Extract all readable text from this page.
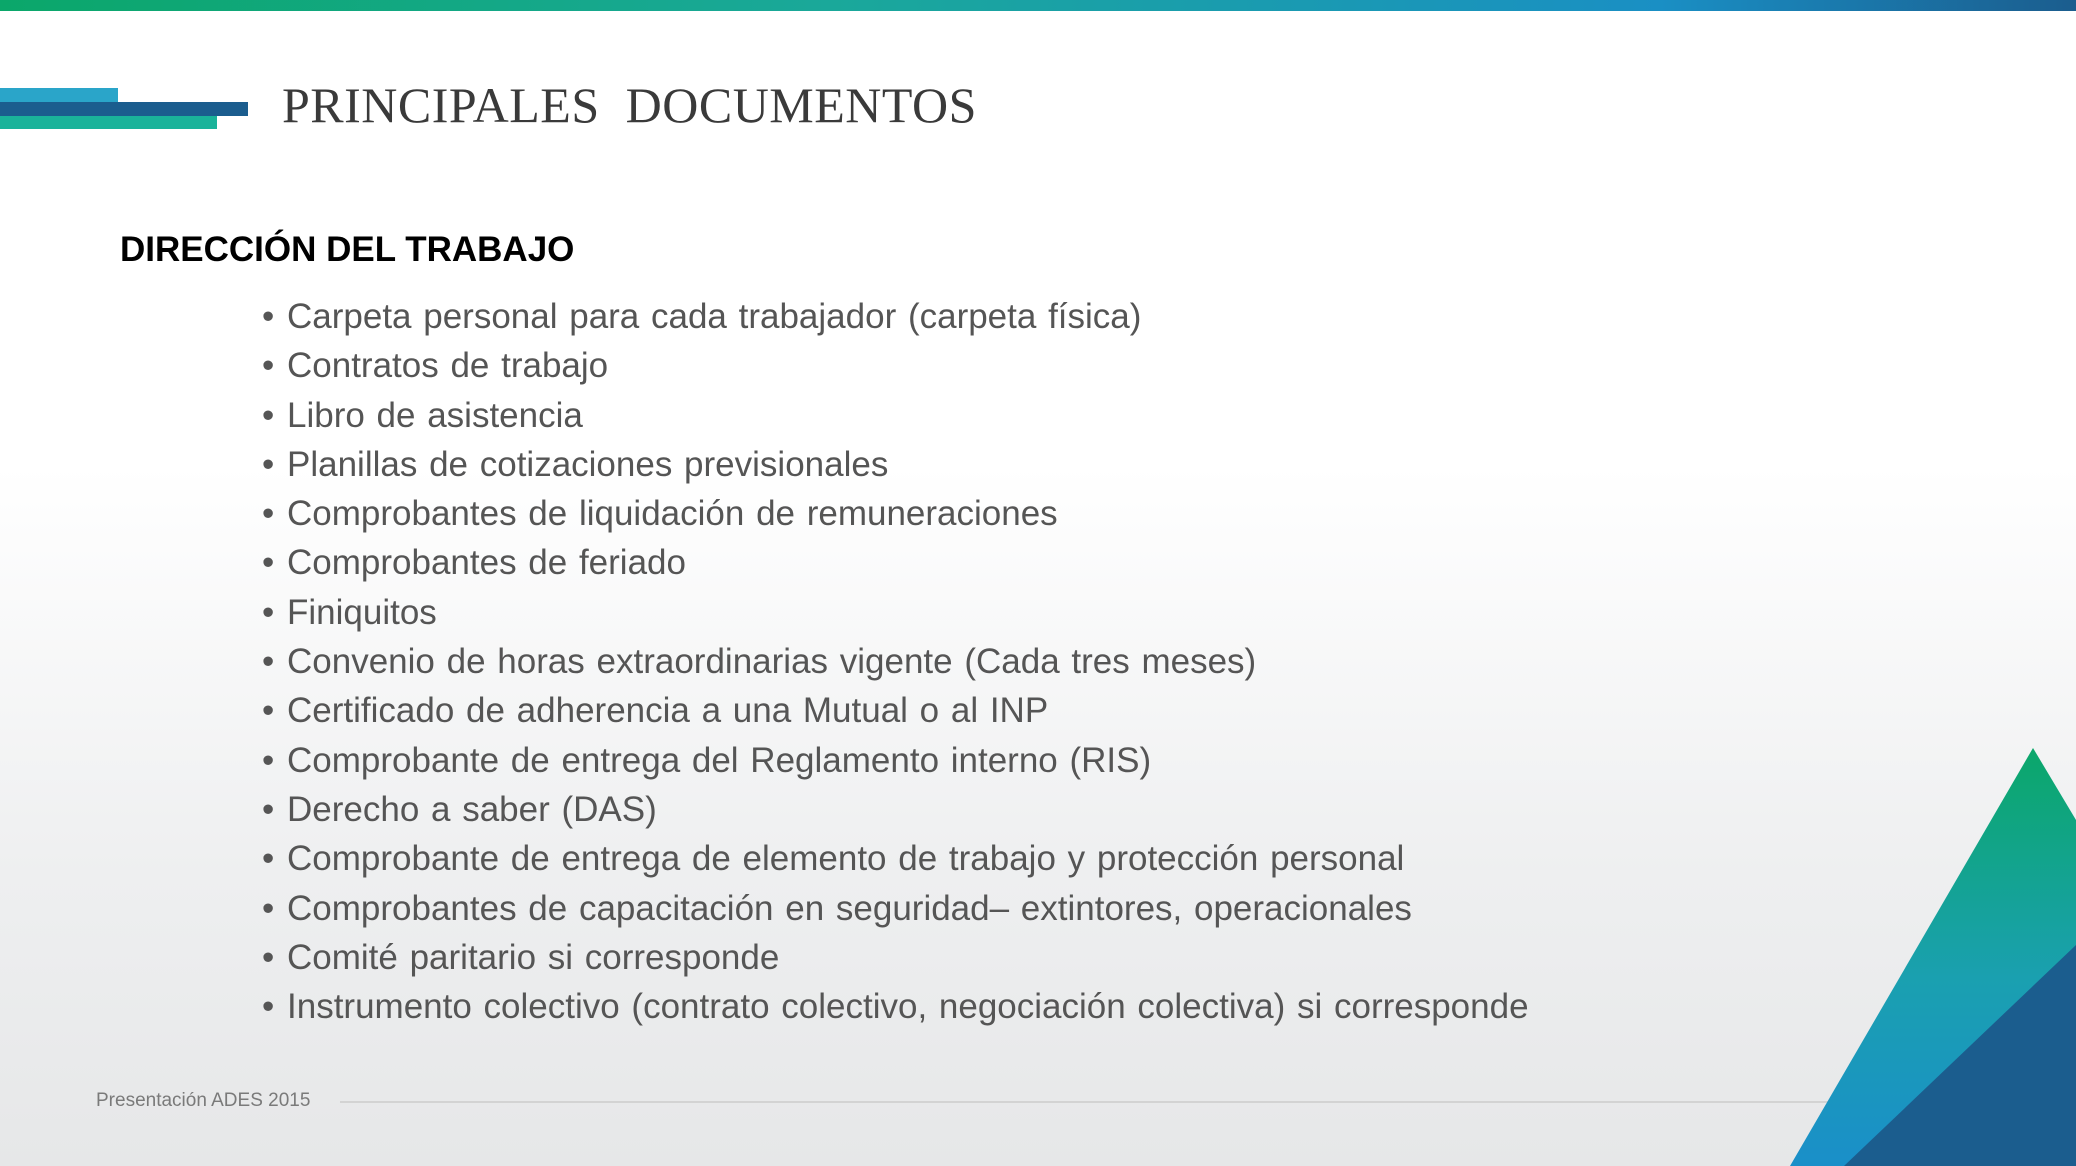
PRINCIPALES  DOCUMENTOS
DIRECCIÓN DEL TRABAJO
• Carpeta personal para cada trabajador (carpeta física)
• Contratos de trabajo
• Libro de asistencia
• Planillas de cotizaciones previsionales
• Comprobantes de liquidación de remuneraciones
• Comprobantes de feriado
• Finiquitos
• Convenio de horas extraordinarias vigente (Cada tres meses)
• Certificado de adherencia a una Mutual o al INP
• Comprobante de entrega del Reglamento interno (RIS)
• Derecho a saber (DAS)
• Comprobante de entrega de elemento de trabajo y protección personal
• Comprobantes de capacitación en seguridad– extintores, operacionales
• Comité paritario si corresponde
• Instrumento colectivo (contrato colectivo, negociación colectiva) si corresponde
Presentación ADES 2015
